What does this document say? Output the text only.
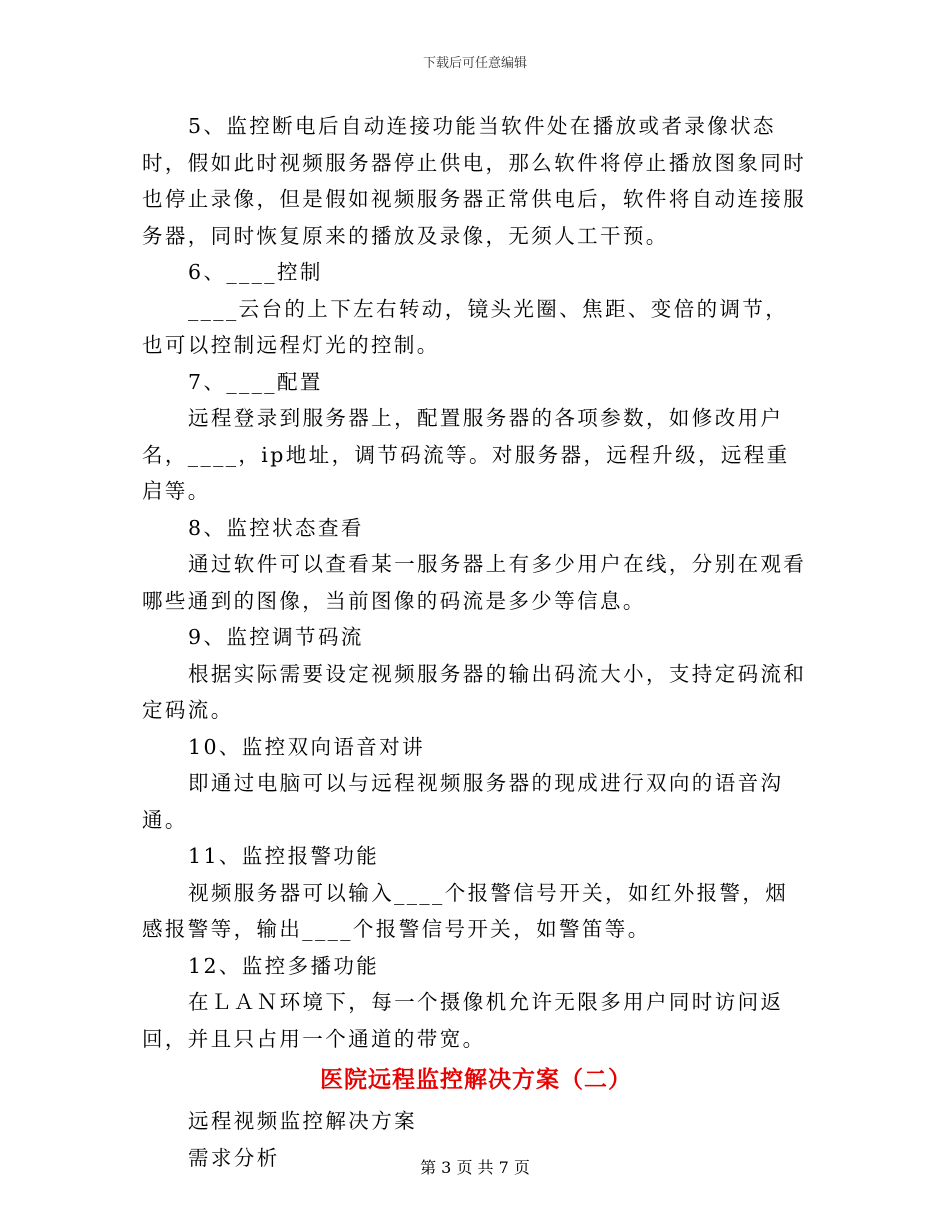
下载后可任意编辑

5、监控断电后自动连接功能当软件处在播放或者录像状态时，假如此时视频服务器停止供电，那么软件将停止播放图象同时也停止录像，但是假如视频服务器正常供电后，软件将自动连接服务器，同时恢复原来的播放及录像，无须人工干预。

6、____控制

____云台的上下左右转动，镜头光圈、焦距、变倍的调节，也可以控制远程灯光的控制。

7、____配置

远程登录到服务器上，配置服务器的各项参数，如修改用户名，____，ip地址，调节码流等。对服务器，远程升级，远程重启等。

8、监控状态查看

通过软件可以查看某一服务器上有多少用户在线，分别在观看哪些通到的图像，当前图像的码流是多少等信息。

9、监控调节码流

根据实际需要设定视频服务器的输出码流大小，支持定码流和定码流。

10、监控双向语音对讲

即通过电脑可以与远程视频服务器的现成进行双向的语音沟通。

11、监控报警功能

视频服务器可以输入____个报警信号开关，如红外报警，烟感报警等，输出____个报警信号开关，如警笛等。

12、监控多播功能

在ＬＡＮ环境下，每一个摄像机允许无限多用户同时访问返回，并且只占用一个通道的带宽。

医院远程监控解决方案（二）

远程视频监控解决方案

需求分析	第 3 页 共 7 页
